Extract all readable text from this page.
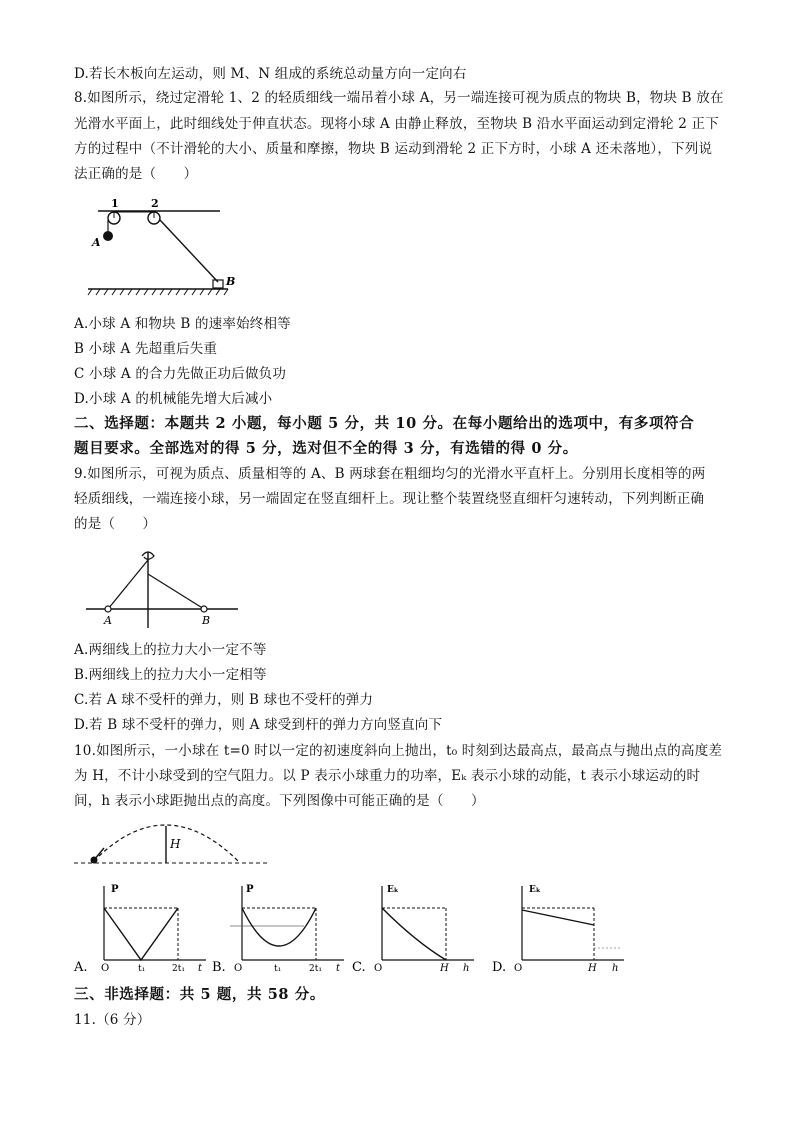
D.若长木板向左运动，则 M、N 组成的系统总动量方向一定向右
8.如图所示，绕过定滑轮 1、2 的轻质细线一端吊着小球 A，另一端连接可视为质点的物块 B，物块 B 放在
光滑水平面上，此时细线处于伸直状态。现将小球 A 由静止释放，至物块 B 沿水平面运动到定滑轮 2 正下
方的过程中（不计滑轮的大小、质量和摩擦，物块 B 运动到滑轮 2 正下方时，小球 A 还未落地），下列说
法正确的是（　　）
1	2
A
B
A.小球 A 和物块 B 的速率始终相等
B 小球 A 先超重后失重
C 小球 A 的合力先做正功后做负功
D.小球 A 的机械能先增大后减小
二、选择题：本题共 2 小题，每小题 5 分，共 10 分。在每小题给出的选项中，有多项符合
题目要求。全部选对的得 5 分，选对但不全的得 3 分，有选错的得 0 分。
9.如图所示，可视为质点、质量相等的 A、B 两球套在粗细均匀的光滑水平直杆上。分别用长度相等的两
轻质细线，一端连接小球，另一端固定在竖直细杆上。现让整个装置绕竖直细杆匀速转动，下列判断正确
的是（　　）
A	B
A.两细线上的拉力大小一定不等
B.两细线上的拉力大小一定相等
C.若 A 球不受杆的弹力，则 B 球也不受杆的弹力
D.若 B 球不受杆的弹力，则 A 球受到杆的弹力方向竖直向下
10.如图所示，一小球在 t=0 时以一定的初速度斜向上抛出，t₀ 时刻到达最高点，最高点与抛出点的高度差
为 H，不计小球受到的空气阻力。以 P 表示小球重力的功率，Eₖ 表示小球的动能，t 表示小球运动的时
间，h 表示小球距抛出点的高度。下列图像中可能正确的是（　　）
H
A.
P
O	t₁	2t₁ t B.
P
O	t₁	2t₁ t C.
Eₖ
O	H h D.
Eₖ
O	H h
三、非选择题：共 5 题，共 58 分。
11.（6 分）
